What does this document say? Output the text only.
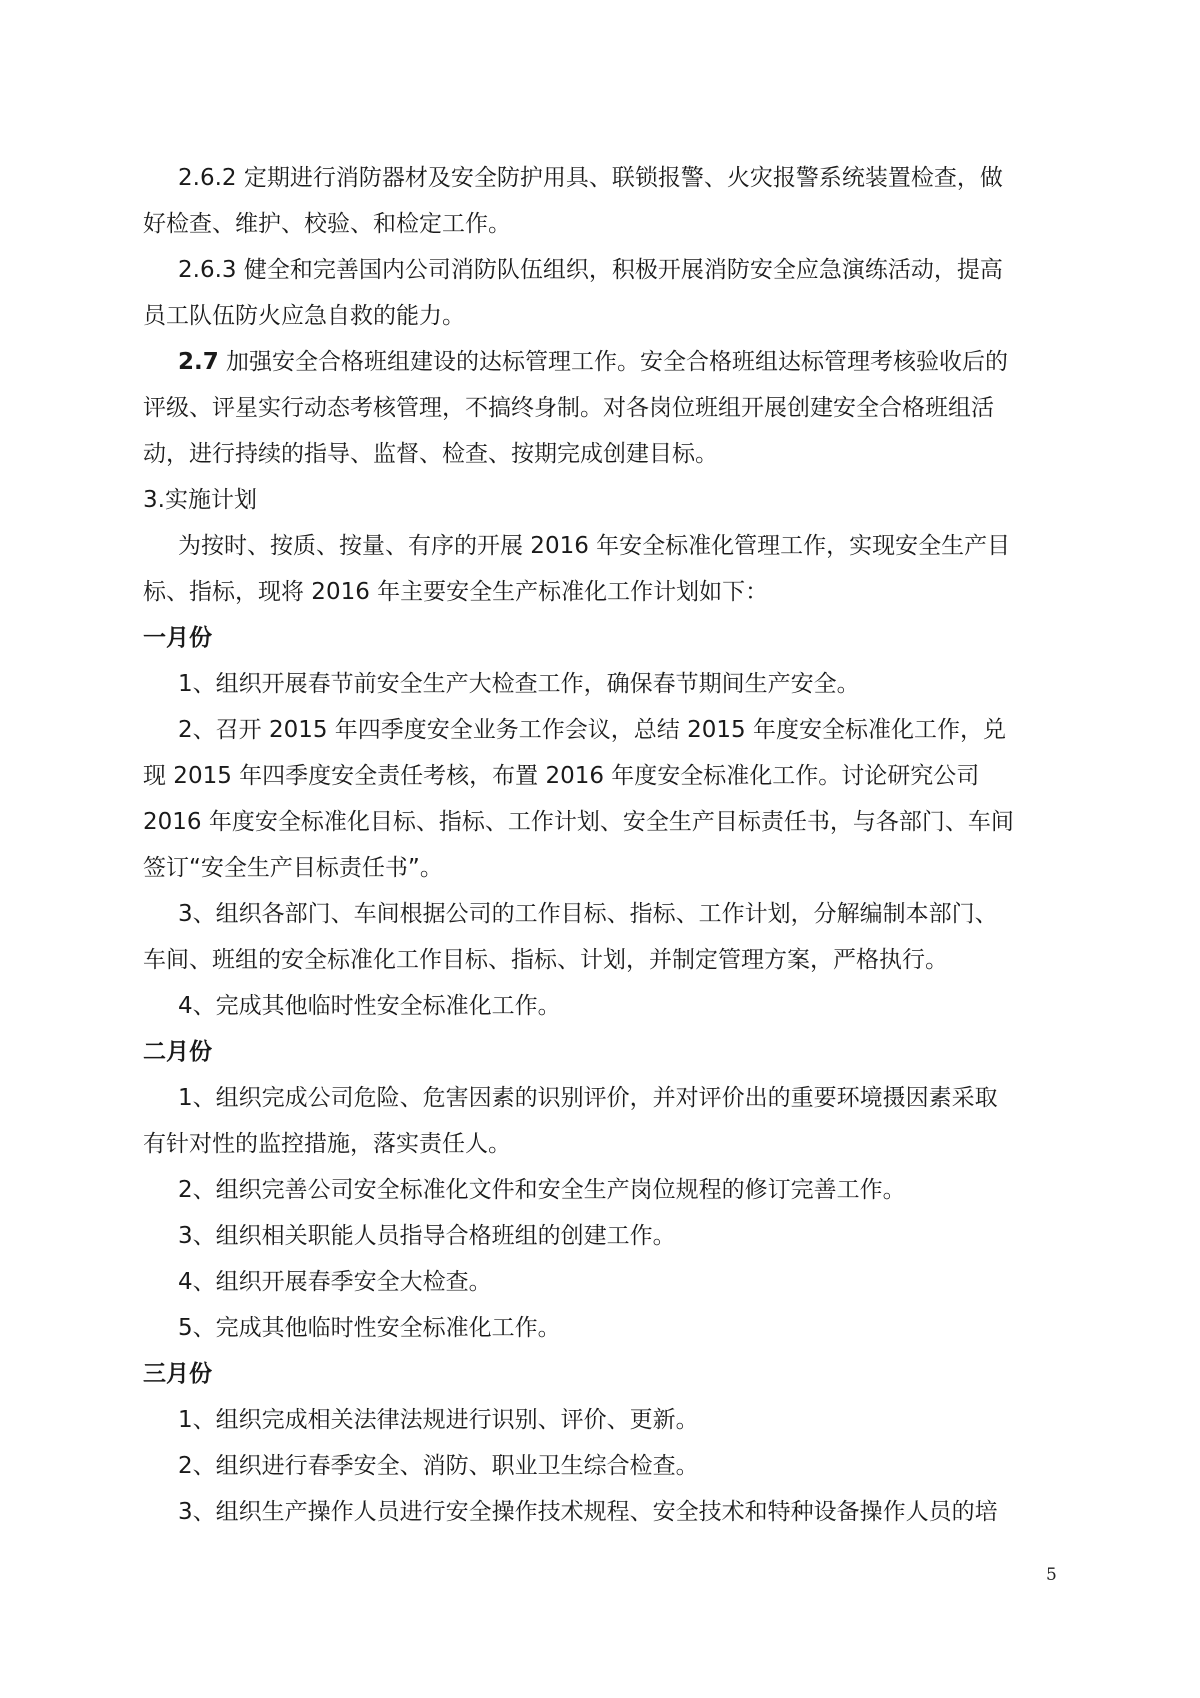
2.6.2 定期进行消防器材及安全防护用具、联锁报警、火灾报警系统装置检查，做
好检查、维护、校验、和检定工作。
2.6.3 健全和完善国内公司消防队伍组织，积极开展消防安全应急演练活动，提高
员工队伍防火应急自救的能力。
2.7 加强安全合格班组建设的达标管理工作。安全合格班组达标管理考核验收后的
评级、评星实行动态考核管理，不搞终身制。对各岗位班组开展创建安全合格班组活
动，进行持续的指导、监督、检查、按期完成创建目标。
3.实施计划
为按时、按质、按量、有序的开展 2016 年安全标准化管理工作，实现安全生产目
标、指标，现将 2016 年主要安全生产标准化工作计划如下：
一月份
1、组织开展春节前安全生产大检查工作，确保春节期间生产安全。
2、召开 2015 年四季度安全业务工作会议，总结 2015 年度安全标准化工作，兑
现 2015 年四季度安全责任考核，布置 2016 年度安全标准化工作。讨论研究公司
2016 年度安全标准化目标、指标、工作计划、安全生产目标责任书，与各部门、车间
签订“安全生产目标责任书”。
3、组织各部门、车间根据公司的工作目标、指标、工作计划，分解编制本部门、
车间、班组的安全标准化工作目标、指标、计划，并制定管理方案，严格执行。
4、完成其他临时性安全标准化工作。
二月份
1、组织完成公司危险、危害因素的识别评价，并对评价出的重要环境摄因素采取
有针对性的监控措施，落实责任人。
2、组织完善公司安全标准化文件和安全生产岗位规程的修订完善工作。
3、组织相关职能人员指导合格班组的创建工作。
4、组织开展春季安全大检查。
5、完成其他临时性安全标准化工作。
三月份
1、组织完成相关法律法规进行识别、评价、更新。
2、组织进行春季安全、消防、职业卫生综合检查。
3、组织生产操作人员进行安全操作技术规程、安全技术和特种设备操作人员的培
5
